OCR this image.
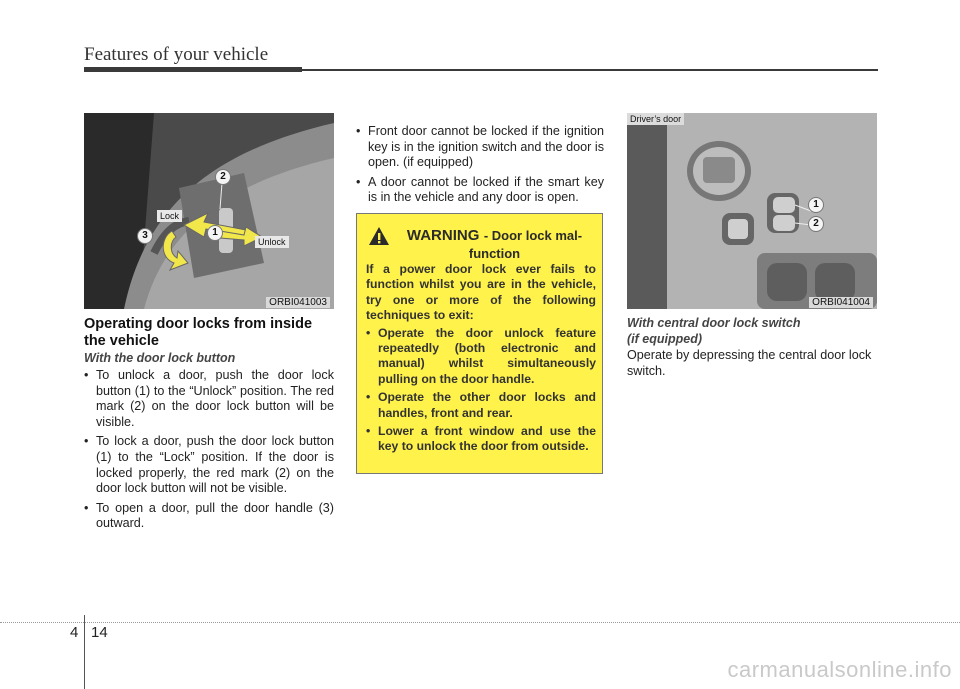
Features of your vehicle
Lock
Unlock
1
2
3
ORBI041003
Operating door locks from inside the vehicle
With the door lock button
• To unlock a door, push the door lock button (1) to the “Unlock” position. The red mark (2) on the door lock button will be visible.
• To lock a door, push the door lock button (1) to the “Lock” position. If the door is locked properly, the red mark (2) on the door lock button will not be visible.
• To open a door, pull the door handle (3) outward.
• Front door cannot be locked if the ignition key is in the ignition switch and the door is open. (if equipped)
• A door cannot be locked if the smart key is in the vehicle and any door is open.
WARNING - Door lock mal-
function
If a power door lock ever fails to function whilst you are in the vehicle, try one or more of the following techniques to exit:
• Operate the door unlock feature repeatedly (both electronic and manual) whilst simultaneously pulling on the door handle.
• Operate the other door locks and handles, front and rear.
• Lower a front window and use the key to unlock the door from outside.
Driver’s door
1
2
ORBI041004
With central door lock switch
(if equipped)
Operate by depressing the central door lock switch.
4 14
carmanualsonline.info
